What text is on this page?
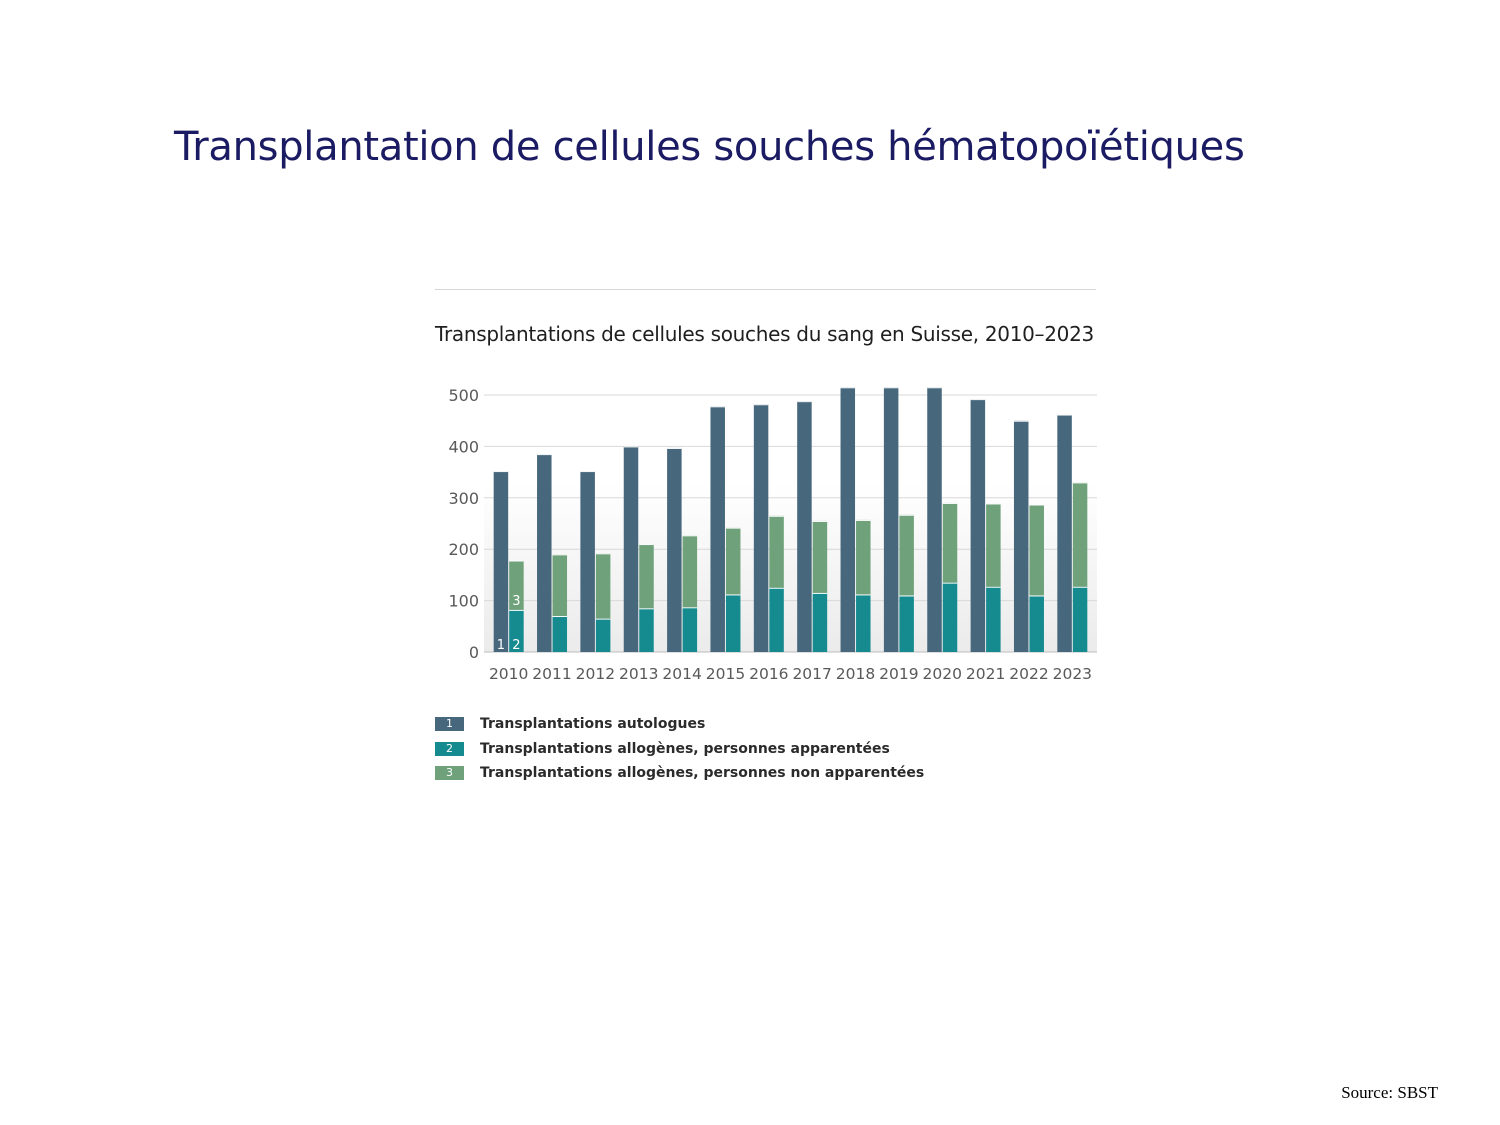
Transplantation de cellules souches hématopoïétiques
Transplantations de cellules souches du sang en Suisse, 2010–2023
0
100
200
300
400
500
2010 2011 2012 2013 2014 2015 2016 2017 2018 2019 2020 2021 2022 2023
1 2
3
1	Transplantations autologues
2	Transplantations allogènes, personnes apparentées
3	Transplantations allogènes, personnes non apparentées
Source: SBST
